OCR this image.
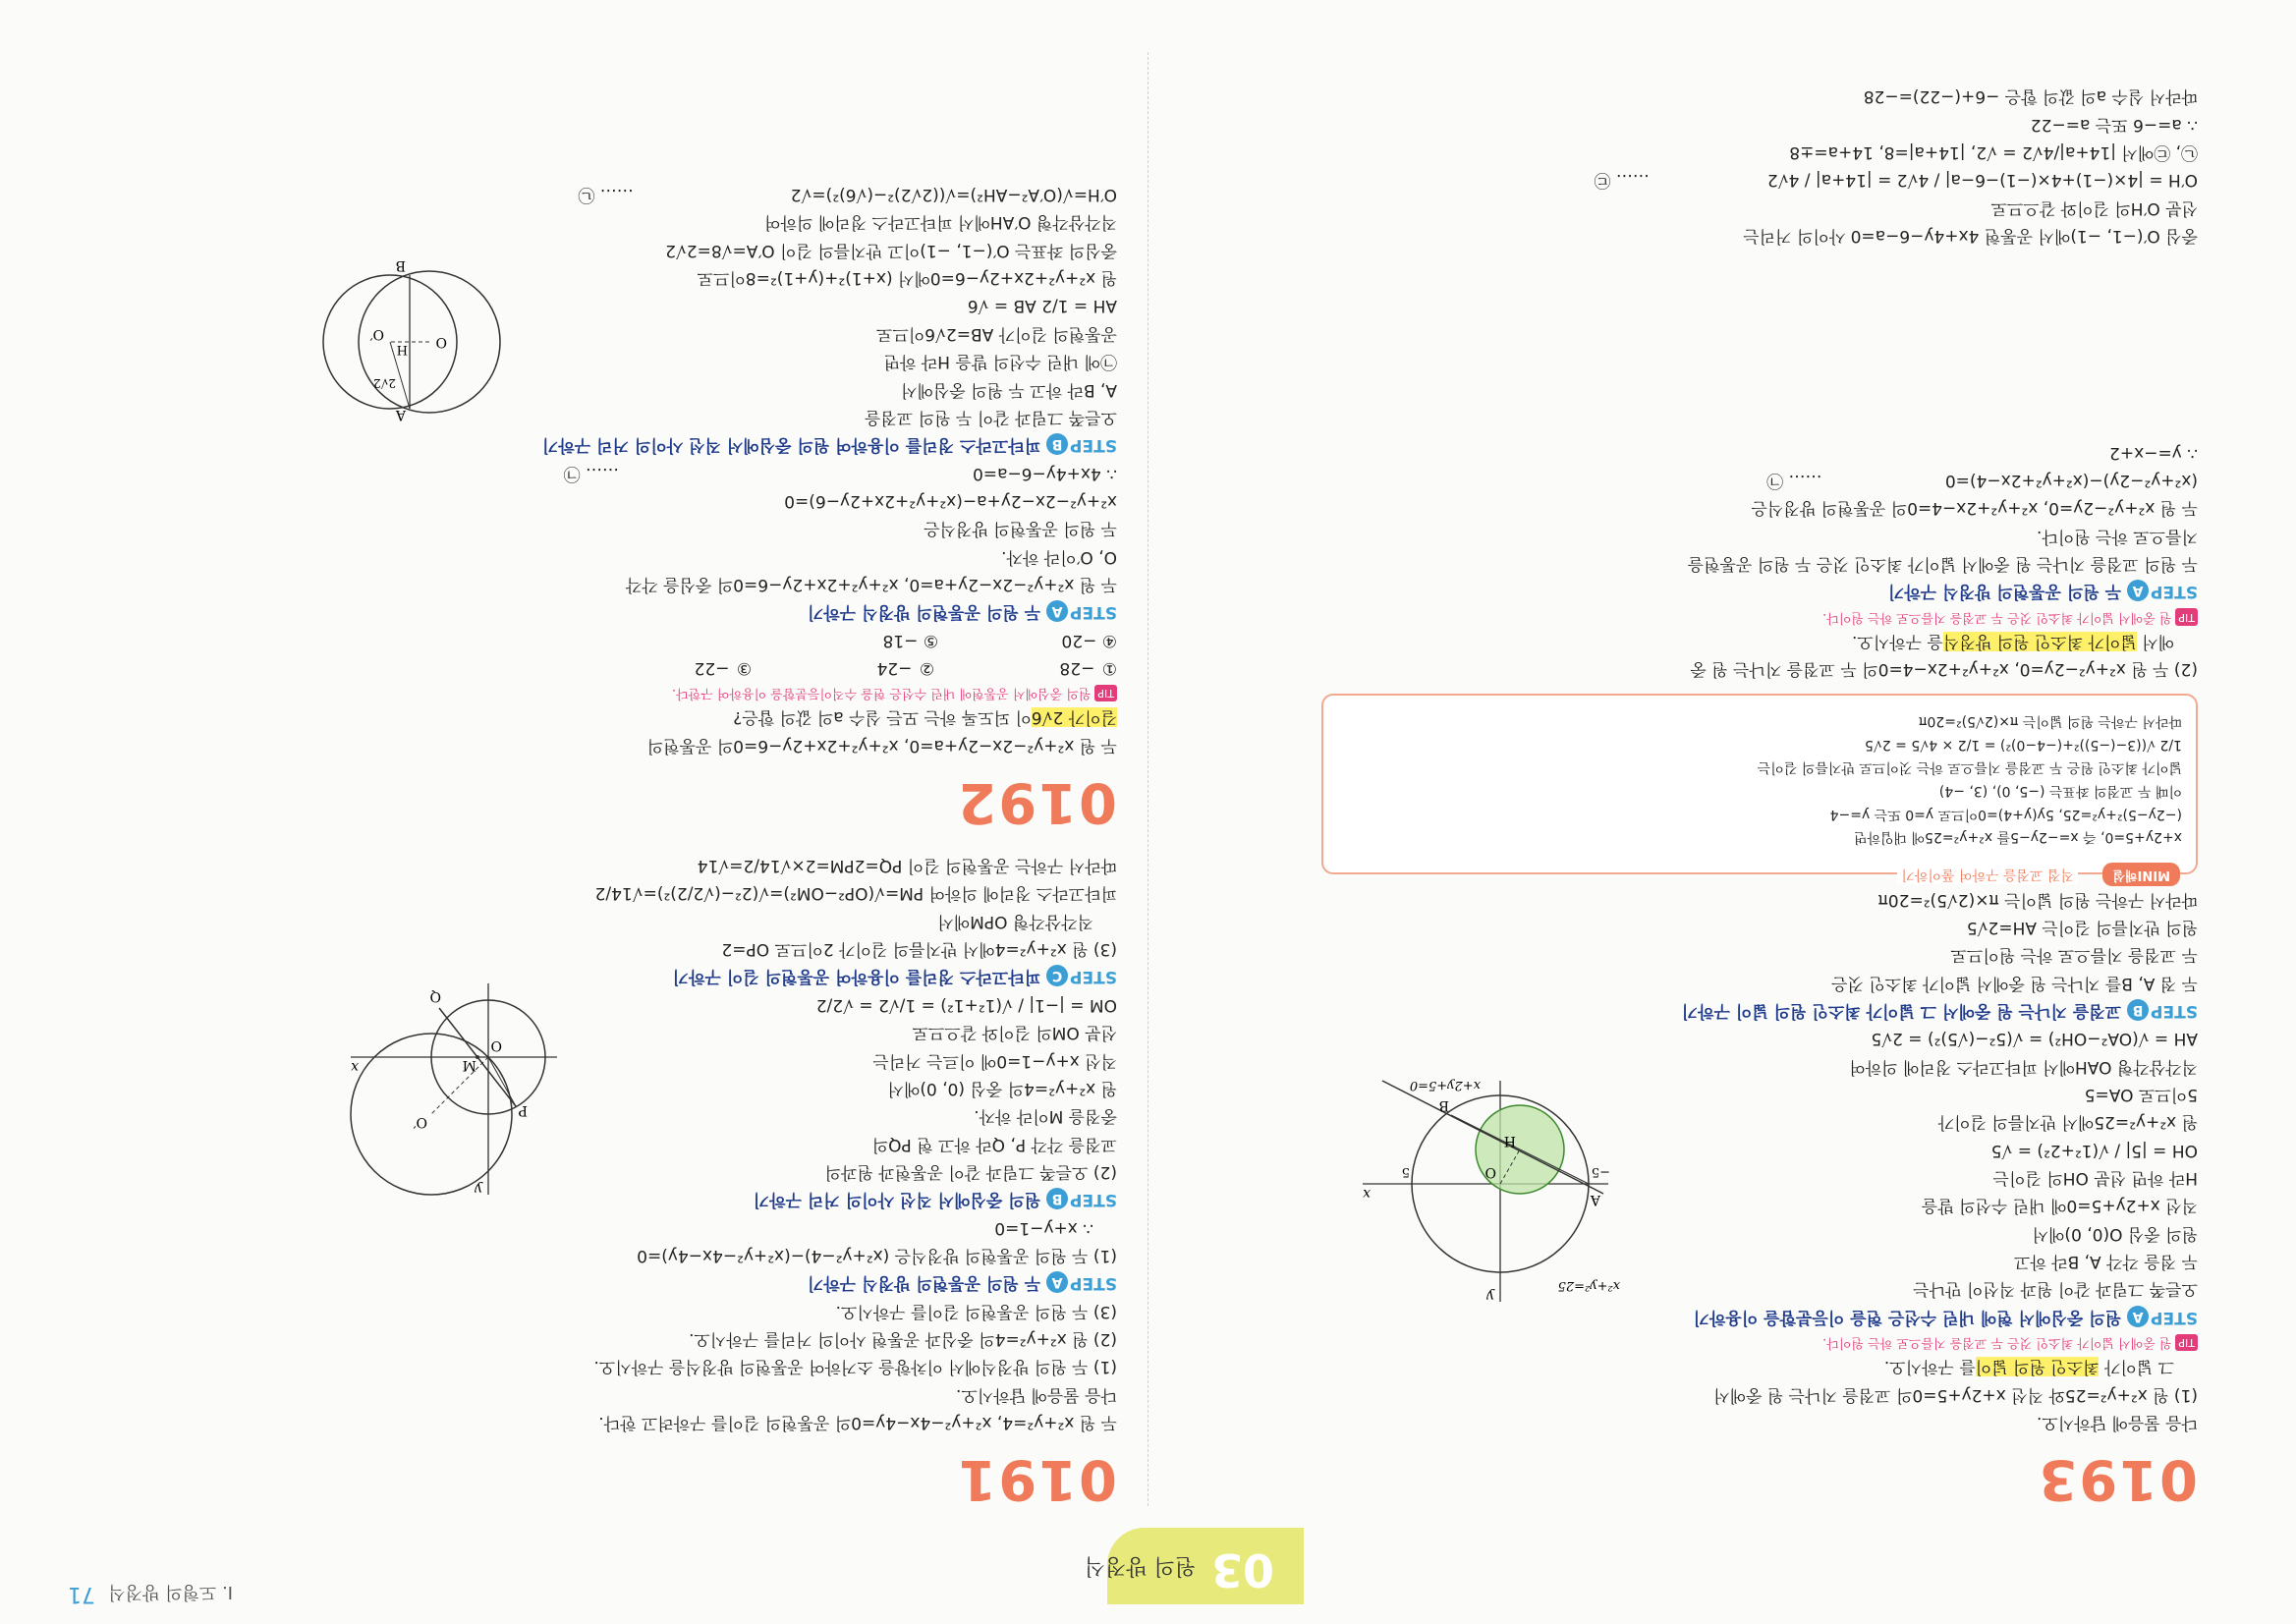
03
원의 방정식
I. 도형의 방정식
71
0193

다음 물음에 답하시오.

(1) 원 x²+y²=25와 직선 x+2y+5=0의 교점을 지나는 원 중에서

그 넓이가 최소인 원의 넓이를 구하시오.

TIP원 중에서 넓이가 최소인 것은 두 교점을 지름으로 하는 원이다.

STEPA원의 중심에서 현에 내린 수선은 현을 이등분함을 이용하기

오른쪽 그림과 같이 원과 직선이 만나는

두 점을 각각 A, B라 하고

원의 중심 O(0, 0)에서

직선 x+2y+5=0에 내린 수선의 발을

H라 하면 선분 OH의 길이는

OH = |5| / √(1²+2²) = √5

원 x²+y²=25에서 반지름의 길이가

5이므로 OA=5

직각삼각형 OAH에서 피타고라스 정리에 의하여

AH = √(OA²−OH²) = √(5²−(√5)²) = 2√5

x
y
O
H
A
B
5	−5
x²+y²=25
x+2y+5=0

STEPB교점을 지나는 원 중에서 그 넓이가 최소인 원의 넓이 구하기

두 점 A, B를 지나는 원 중에서 넓이가 최소인 것은

두 교점을 지름으로 하는 원이므로

원의 반지름의 길이는 AH=2√5

따라서 구하는 원의 넓이는 π×(2√5)²=20π

MINI해설
직접 교점을 구하여 풀이하기

x+2y+5=0, 즉 x=−2y−5를 x²+y²=25에 대입하면

(−2y−5)²+y²=25, 5y(y+4)=0이므로 y=0 또는 y=−4

이때 두 교점의 좌표는 (−5, 0), (3, −4)

넓이가 최소인 원은 두 교점을 지름으로 하는 것이므로 반지름의 길이는

1/2 √((3−(−5))²+(−4−0)²) = 1/2 × 4√5 = 2√5

따라서 구하는 원의 넓이는 π×(2√5)²=20π

(2) 두 원 x²+y²−2y=0, x²+y²+2x−4=0의 두 교점을 지나는 원 중

에서 넓이가 최소인 원의 방정식을 구하시오.

TIP원 중에서 넓이가 최소인 것은 두 교점을 지름으로 하는 원이다.

STEPA두 원의 공통현의 방정식 구하기

두 원의 교점을 지나는 원 중에서 넓이가 최소인 것은 두 원의 공통현을

지름으로 하는 원이다.

두 원 x²+y²−2y=0, x²+y²+2x−4=0의 공통현의 방정식은

(x²+y²−2y)−(x²+y²+2x−4)=0 …… ㉠

∴ y=−x+2

0191

두 원 x²+y²=4, x²+y²−4x−4y=0의 공통현의 길이를 구하려고 한다.

다음 물음에 답하시오.

(1) 두 원의 방정식에서 이차항을 소거하여 공통현의 방정식을 구하시오.

(2) 원 x²+y²=4의 중심과 공통현 사이의 거리를 구하시오.

(3) 두 원의 공통현의 길이를 구하시오.

STEPA두 원의 공통현의 방정식 구하기

(1) 두 원의 공통현의 방정식은 (x²+y²−4)−(x²+y²−4x−4y)=0

∴ x+y−1=0

STEPB원의 중심에서 직선 사이의 거리 구하기

(2) 오른쪽 그림과 같이 공통현과 원과의

교점을 각각 P, Q라 하고 현 PQ의

중점을 M이라 하자.

원 x²+y²=4의 중심 (0, 0)에서

직선 x+y−1=0에 이르는 거리는

선분 OM의 길이와 같으므로

OM = |−1| / √(1²+1²) = 1/√2 = √2/2

P
Q
M
O
O′
x
y

STEPC피타고라스 정리를 이용하여 공통현의 길이 구하기

(3) 원 x²+y²=4에서 반지름의 길이가 2이므로 OP=2

직각삼각형 OPM에서

피타고라스 정리에 의하여 PM=√(OP²−OM²)=√(2²−(√2/2)²)=√14/2

따라서 구하는 공통현의 길이 PQ=2PM=2×√14/2=√14

0192

두 원 x²+y²−2x−2y+a=0, x²+y²+2x+2y−6=0의 공통현의

길이가 2√6이 되도록 하는 모든 실수 a의 값의 합은?

TIP원의 중심에서 공통현에 내린 수선은 현을 수직이등분함을 이용하여 구한다.

① −28 ② −24 ③ −22

④ −20 ⑤ −18

STEPA두 원의 공통현의 방정식 구하기

두 원 x²+y²−2x−2y+a=0, x²+y²+2x+2y−6=0의 중심을 각각

O, O′이라 하자.

두 원의 공통현의 방정식은

x²+y²−2x−2y+a−(x²+y²+2x+2y−6)=0

∴ 4x+4y−6−a=0…… ㉠

STEPB피타고라스 정리를 이용하여 원의 중심에서 직선 사이의 거리 구하기

오른쪽 그림과 같이 두 원의 교점을

A, B라 하고 두 원의 중심에서

㉠에 내린 수선의 발을 H라 하면

공통현의 길이가 AB=2√6이므로

AH = 1/2 AB = √6

원 x²+y²+2x+2y−6=0에서 (x+1)²+(y+1)²=8이므로

중심의 좌표는 O′(−1, −1)이고 반지름의 길이 O′A=√8=2√2

직각삼각형 O′AH에서 피타고라스 정리에 의하여

O′H=√(O′A²−AH²)=√((2√2)²−(√6)²)=√2…… ㉡

A
B
H O
O′
2√2

중심 O′(−1, −1)에서 공통현 4x+4y−6−a=0 사이의 거리는

선분 O′H의 길이와 같으므로

O′H = |4×(−1)+4×(−1)−6−a| / 4√2 = |14+a| / 4√2…… ㉢

㉡, ㉢에서 |14+a|/4√2 = √2, |14+a|=8, 14+a=±8

∴ a=−6 또는 a=−22

따라서 실수 a의 값의 합은 −6+(−22)=−28
